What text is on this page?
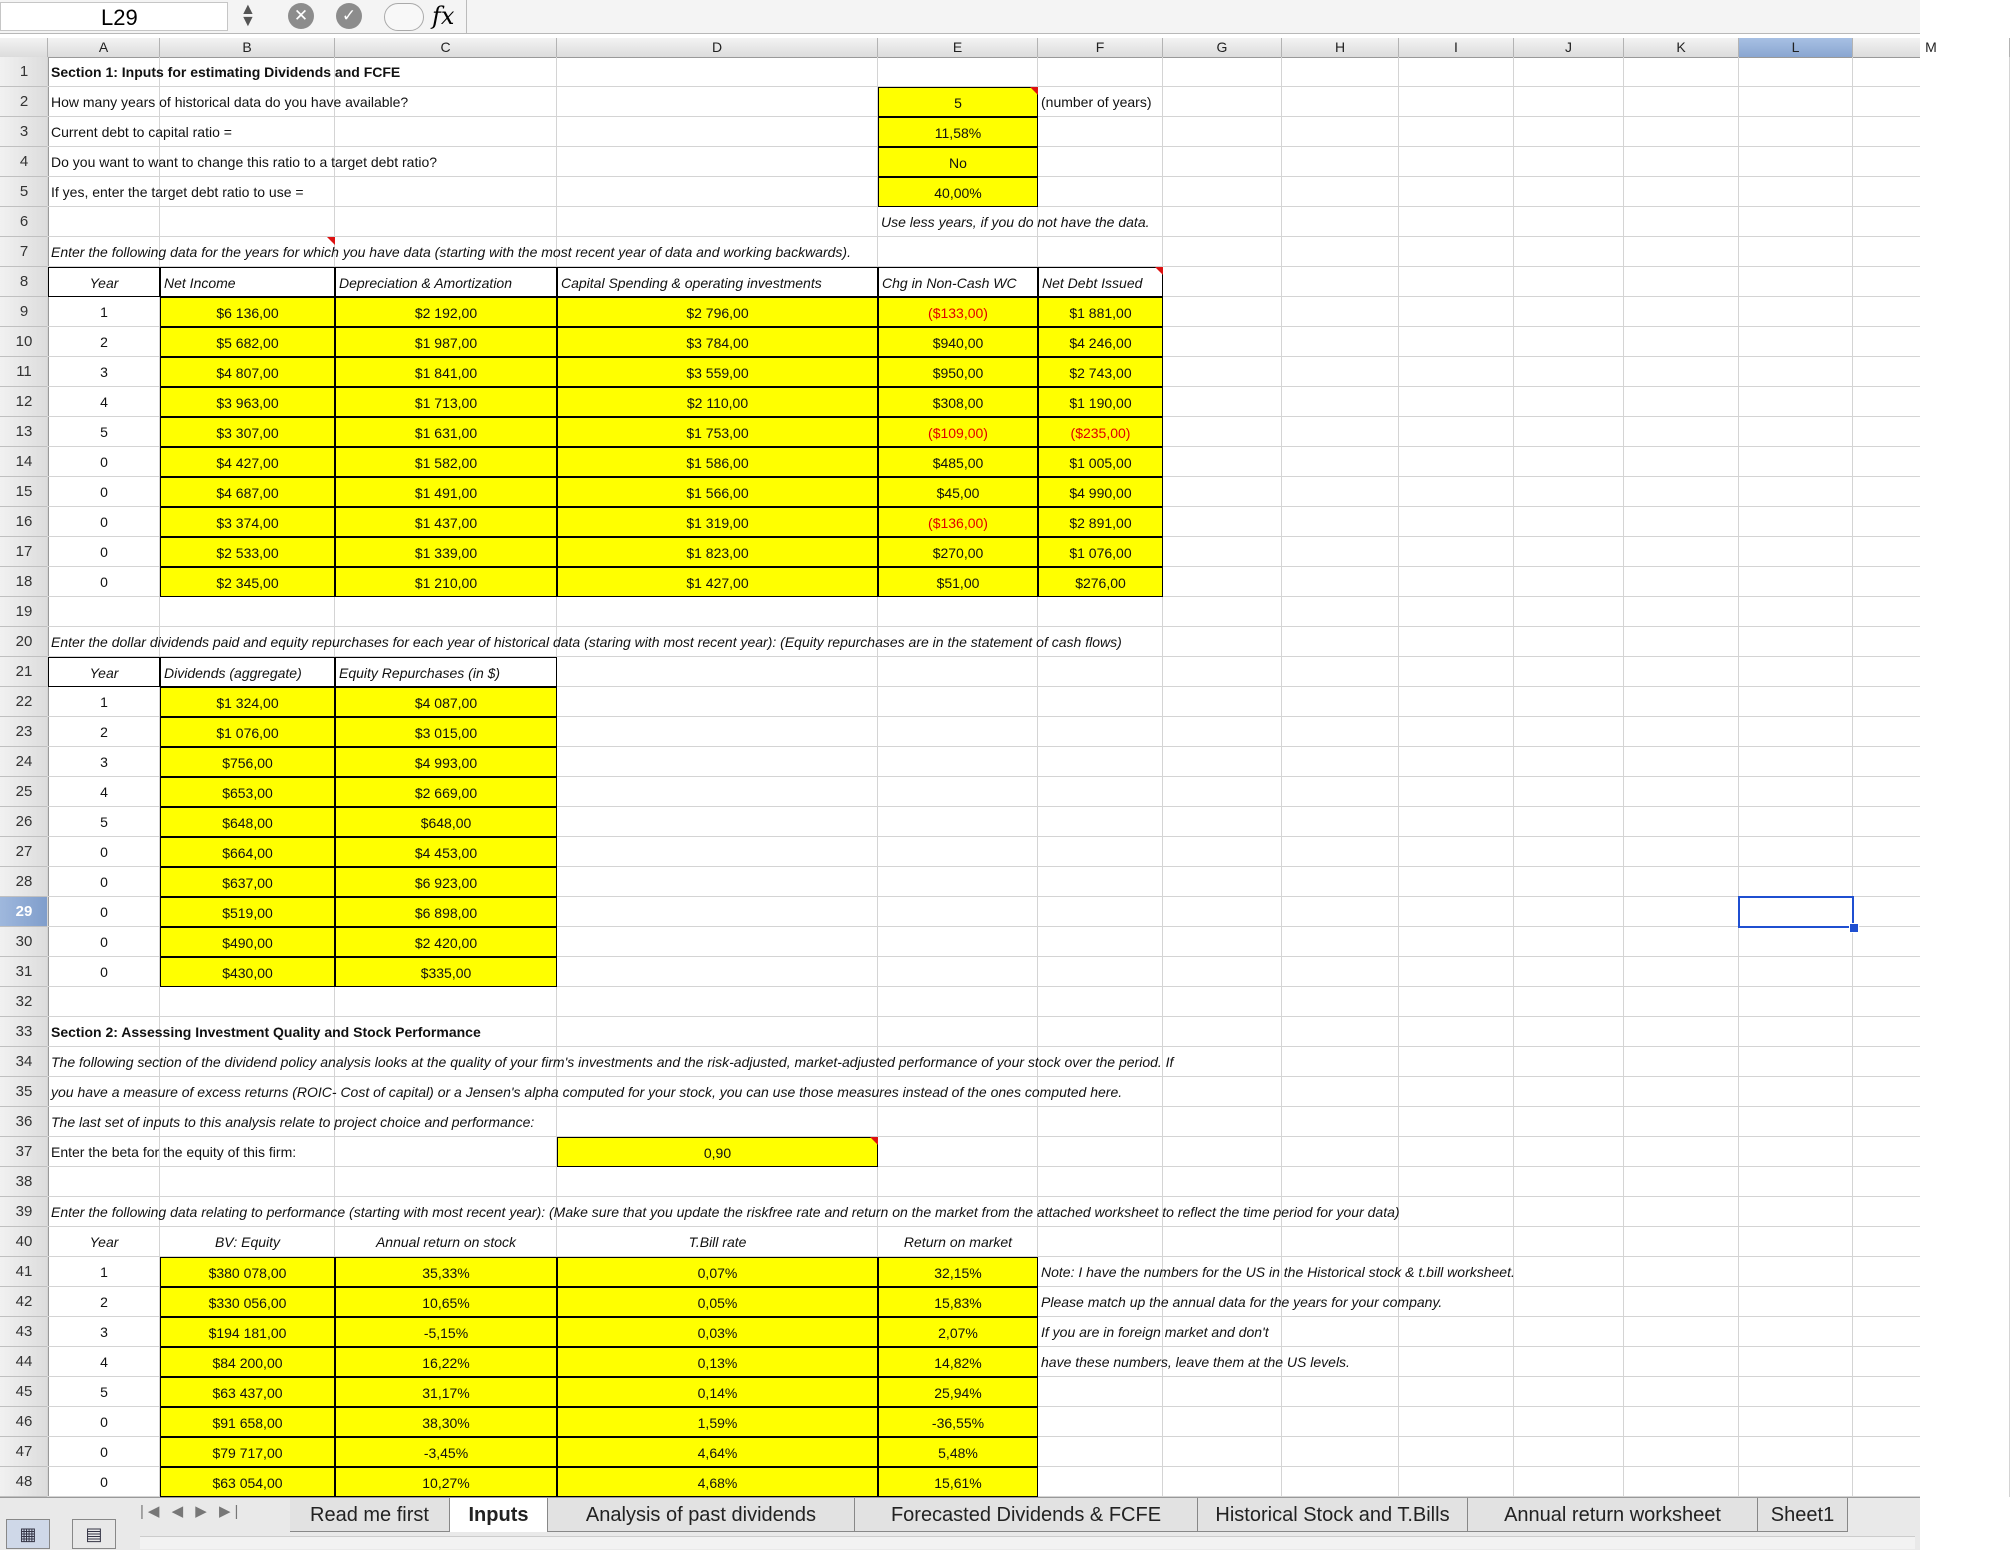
L29	▲
▼	✕	✓	fx
A	B	C	D	E	F	G	H	I	J	K	L	M
1
2
3
4
5
6
7
8
9
10
11
12
13
14
15
16
17
18
19
20
21
22
23
24
25
26
27
28
29
30
31
32
33
34
35
36
37
38
39
40
41
42
43
44
45
46
47
48
Section 1: Inputs for estimating Dividends and FCFE
How many years of historical data do you have available?	5	(number of years)
Current debt to capital ratio =	11,58%
Do you want to want to change this ratio to a target debt ratio?	No
If yes, enter the target debt ratio to use =	40,00%
Use less years, if you do not have the data.
Enter the following data for the years for which you have data (starting with the most recent year of data and working backwards).
Year	Net Income	Depreciation & Amortization	Capital Spending & operating investments	Chg in Non-Cash WC	Net Debt Issued
1	$6 136,00	$2 192,00	$2 796,00	($133,00)	$1 881,00
2	$5 682,00	$1 987,00	$3 784,00	$940,00	$4 246,00
3	$4 807,00	$1 841,00	$3 559,00	$950,00	$2 743,00
4	$3 963,00	$1 713,00	$2 110,00	$308,00	$1 190,00
5	$3 307,00	$1 631,00	$1 753,00	($109,00)	($235,00)
0	$4 427,00	$1 582,00	$1 586,00	$485,00	$1 005,00
0	$4 687,00	$1 491,00	$1 566,00	$45,00	$4 990,00
0	$3 374,00	$1 437,00	$1 319,00	($136,00)	$2 891,00
0	$2 533,00	$1 339,00	$1 823,00	$270,00	$1 076,00
0	$2 345,00	$1 210,00	$1 427,00	$51,00	$276,00
Enter the dollar dividends paid and equity repurchases for each year of historical data (staring with most recent year): (Equity repurchases are in the statement of cash flows)
Year	Dividends (aggregate)	Equity Repurchases (in $)
1	$1 324,00	$4 087,00
2	$1 076,00	$3 015,00
3	$756,00	$4 993,00
4	$653,00	$2 669,00
5	$648,00	$648,00
0	$664,00	$4 453,00
0	$637,00	$6 923,00
0	$519,00	$6 898,00
0	$490,00	$2 420,00
0	$430,00	$335,00
Section 2: Assessing Investment Quality and Stock Performance
The following section of the dividend policy analysis looks at the quality of your firm's investments and the risk-adjusted, market-adjusted performance of your stock over the period. If
you have a measure of excess returns (ROIC- Cost of capital) or a Jensen's alpha computed for your stock, you can use those measures instead of the ones computed here.
The last set of inputs to this analysis relate to project choice and performance:
Enter the beta for the equity of this firm:	0,90
Enter the following data relating to performance (starting with most recent year): (Make sure that you update the riskfree rate and return on the market from the attached worksheet to reflect the time period for your data)
Year	BV: Equity	Annual return on stock	T.Bill rate	Return on market
1	$380 078,00	35,33%	0,07%	32,15%
2	$330 056,00	10,65%	0,05%	15,83%
3	$194 181,00	-5,15%	0,03%	2,07%
4	$84 200,00	16,22%	0,13%	14,82%
5	$63 437,00	31,17%	0,14%	25,94%
0	$91 658,00	38,30%	1,59%	-36,55%
0	$79 717,00	-3,45%	4,64%	5,48%
0	$63 054,00	10,27%	4,68%	15,61%
Note: I have the numbers for the US in the Historical stock & t.bill worksheet.
Please match up the annual data for the years for your company.
If you are in foreign market and don't
have these numbers, leave them at the US levels.
|◀ ◀ ▶ ▶|	Read me first	Inputs	Analysis of past dividends	Forecasted Dividends & FCFE	Historical Stock and T.Bills	Annual return worksheet	Sheet1
▦	▤
